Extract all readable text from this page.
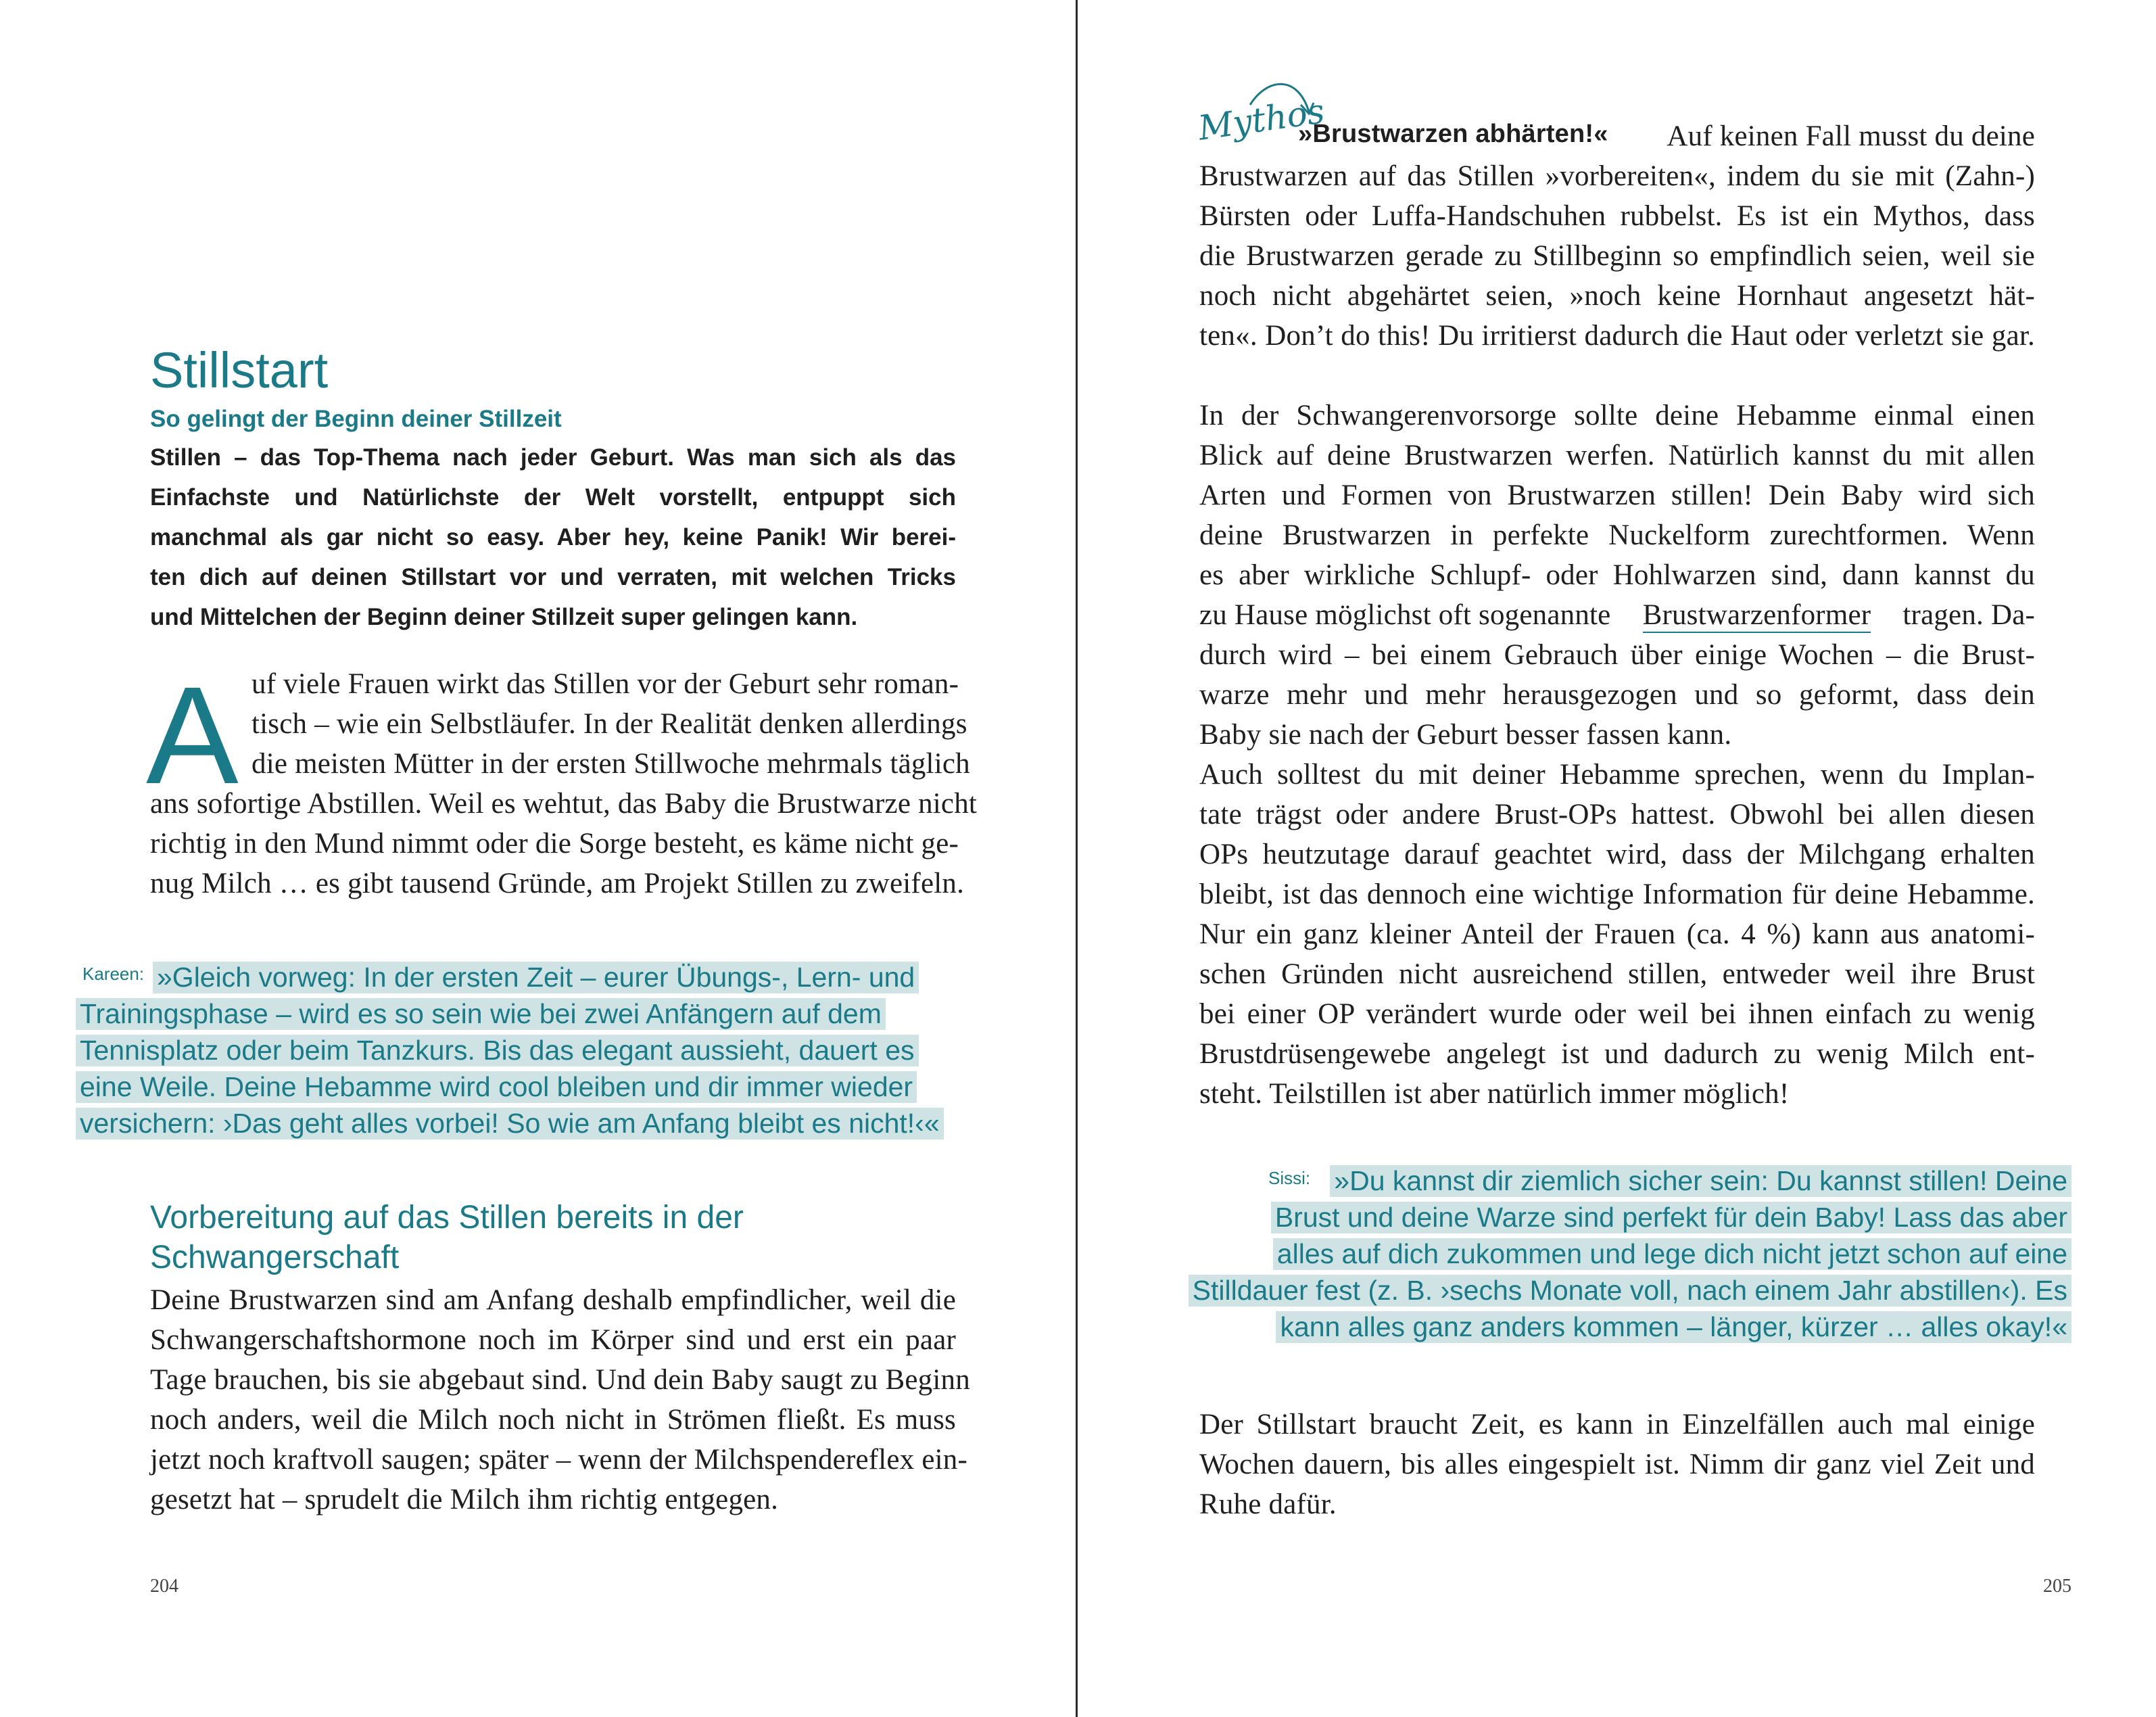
Stillstart
So gelingt der Beginn deiner Stillzeit
Stillen – das Top-Thema nach jeder Geburt. Was man sich als das
Einfachste und Natürlichste der Welt vorstellt, entpuppt sich
manchmal als gar nicht so easy. Aber hey, keine Panik! Wir berei-
ten dich auf deinen Stillstart vor und verraten, mit welchen Tricks
und Mittelchen der Beginn deiner Stillzeit super gelingen kann.
A uf viele Frauen wirkt das Stillen vor der Geburt sehr roman-
tisch – wie ein Selbstläufer. In der Realität denken allerdings
die meisten Mütter in der ersten Stillwoche mehrmals täglich
ans sofortige Abstillen. Weil es wehtut, das Baby die Brustwarze nicht
richtig in den Mund nimmt oder die Sorge besteht, es käme nicht ge-
nug Milch … es gibt tausend Gründe, am Projekt Stillen zu zweifeln.
Kareen: »Gleich vorweg: In der ersten Zeit – eurer Übungs-, Lern- und
Trainingsphase – wird es so sein wie bei zwei Anfängern auf dem
Tennisplatz oder beim Tanzkurs. Bis das elegant aussieht, dauert es
eine Weile. Deine Hebamme wird cool bleiben und dir immer wieder
versichern: ›Das geht alles vorbei! So wie am Anfang bleibt es nicht!‹«
Vorbereitung auf das Stillen bereits in der
Schwangerschaft
Deine Brustwarzen sind am Anfang deshalb empfindlicher, weil die
Schwangerschaftshormone noch im Körper sind und erst ein paar
Tage brauchen, bis sie abgebaut sind. Und dein Baby saugt zu Beginn
noch anders, weil die Milch noch nicht in Strömen fließt. Es muss
jetzt noch kraftvoll saugen; später – wenn der Milchspendereflex ein-
gesetzt hat – sprudelt die Milch ihm richtig entgegen.
204
Mythos
»Brustwarzen abhärten!« Auf keinen Fall musst du deine
Brustwarzen auf das Stillen »vorbereiten«, indem du sie mit (Zahn-)
Bürsten oder Luffa-Handschuhen rubbelst. Es ist ein Mythos, dass
die Brustwarzen gerade zu Stillbeginn so empfindlich seien, weil sie
noch nicht abgehärtet seien, »noch keine Hornhaut angesetzt hät-
ten«. Don’t do this! Du irritierst dadurch die Haut oder verletzt sie gar.
In der Schwangerenvorsorge sollte deine Hebamme einmal einen
Blick auf deine Brustwarzen werfen. Natürlich kannst du mit allen
Arten und Formen von Brustwarzen stillen! Dein Baby wird sich
deine Brustwarzen in perfekte Nuckelform zurechtformen. Wenn
es aber wirkliche Schlupf- oder Hohlwarzen sind, dann kannst du
zu Hause möglichst oft sogenannte Brustwarzenformer tragen. Da-
durch wird – bei einem Gebrauch über einige Wochen – die Brust-
warze mehr und mehr herausgezogen und so geformt, dass dein
Baby sie nach der Geburt besser fassen kann.
Auch solltest du mit deiner Hebamme sprechen, wenn du Implan-
tate trägst oder andere Brust-OPs hattest. Obwohl bei allen diesen
OPs heutzutage darauf geachtet wird, dass der Milchgang erhalten
bleibt, ist das dennoch eine wichtige Information für deine Hebamme.
Nur ein ganz kleiner Anteil der Frauen (ca. 4 %) kann aus anatomi-
schen Gründen nicht ausreichend stillen, entweder weil ihre Brust
bei einer OP verändert wurde oder weil bei ihnen einfach zu wenig
Brustdrüsengewebe angelegt ist und dadurch zu wenig Milch ent-
steht. Teilstillen ist aber natürlich immer möglich!
Sissi: »Du kannst dir ziemlich sicher sein: Du kannst stillen! Deine
Brust und deine Warze sind perfekt für dein Baby! Lass das aber
alles auf dich zukommen und lege dich nicht jetzt schon auf eine
Stilldauer fest (z. B. ›sechs Monate voll, nach einem Jahr abstillen‹). Es
kann alles ganz anders kommen – länger, kürzer … alles okay!«
Der Stillstart braucht Zeit, es kann in Einzelfällen auch mal einige
Wochen dauern, bis alles eingespielt ist. Nimm dir ganz viel Zeit und
Ruhe dafür.
205
